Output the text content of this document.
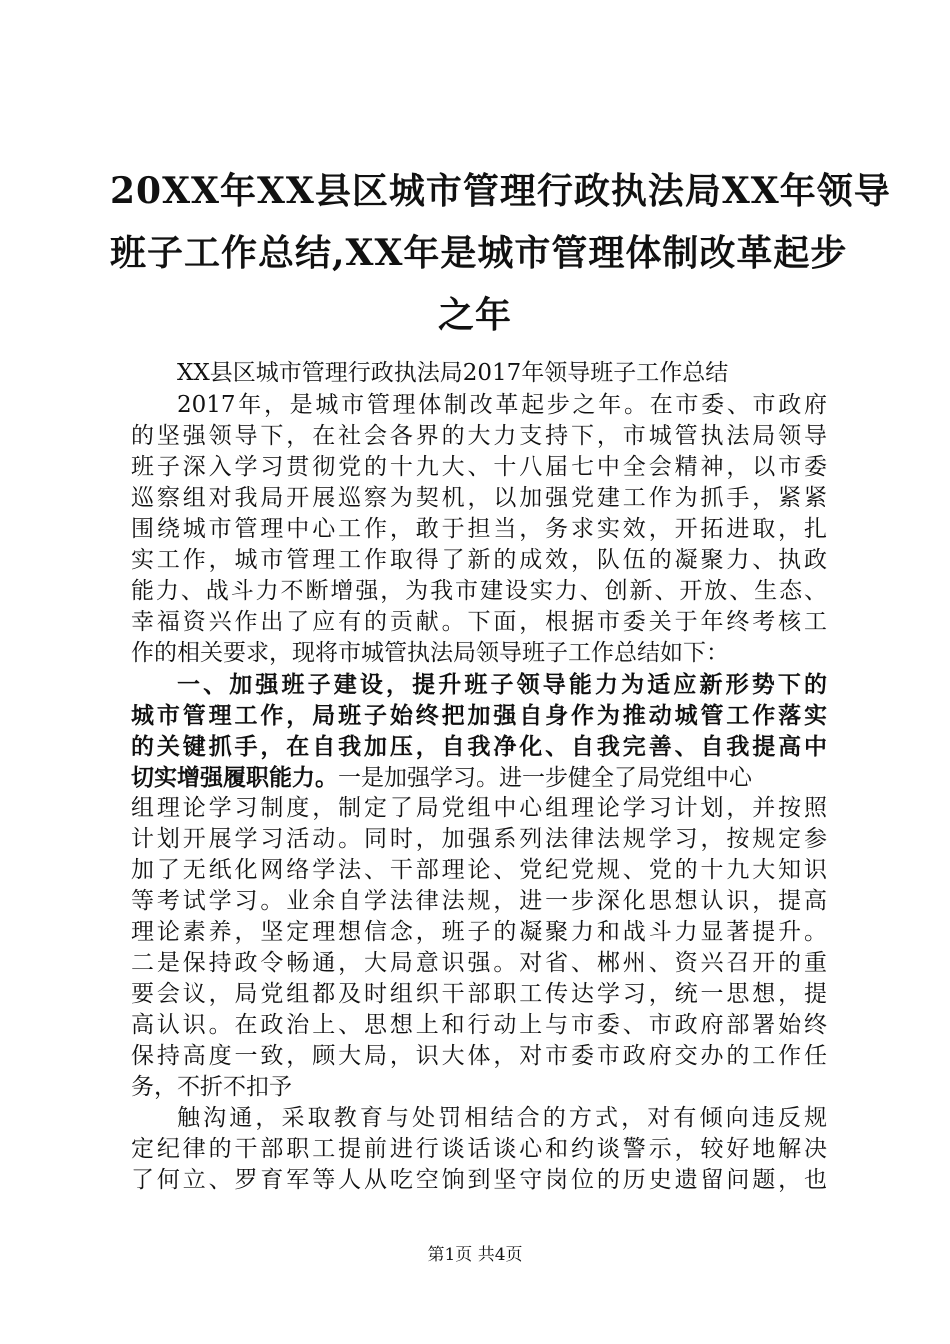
20XX年XX县区城市管理行政执法局XX年领导
班子工作总结,XX年是城市管理体制改革起步
之年
XX县区城市管理行政执法局2017年领导班子工作总结
2017年，是城市管理体制改革起步之年。在市委、市政府
的坚强领导下，在社会各界的大力支持下，市城管执法局领导
班子深入学习贯彻党的十九大、十八届七中全会精神，以市委
巡察组对我局开展巡察为契机，以加强党建工作为抓手，紧紧
围绕城市管理中心工作，敢于担当，务求实效，开拓进取，扎
实工作，城市管理工作取得了新的成效，队伍的凝聚力、执政
能力、战斗力不断增强，为我市建设实力、创新、开放、生态、
幸福资兴作出了应有的贡献。下面，根据市委关于年终考核工
作的相关要求，现将市城管执法局领导班子工作总结如下：
一、加强班子建设，提升班子领导能力为适应新形势下的
城市管理工作，局班子始终把加强自身作为推动城管工作落实
的关键抓手，在自我加压，自我净化、自我完善、自我提高中
切实增强履职能力。一是加强学习。进一步健全了局党组中心
组理论学习制度，制定了局党组中心组理论学习计划，并按照
计划开展学习活动。同时，加强系列法律法规学习，按规定参
加了无纸化网络学法、干部理论、党纪党规、党的十九大知识
等考试学习。业余自学法律法规，进一步深化思想认识，提高
理论素养，坚定理想信念，班子的凝聚力和战斗力显著提升。
二是保持政令畅通，大局意识强。对省、郴州、资兴召开的重
要会议，局党组都及时组织干部职工传达学习，统一思想，提
高认识。在政治上、思想上和行动上与市委、市政府部署始终
保持高度一致，顾大局，识大体，对市委市政府交办的工作任
务，不折不扣予
触沟通，采取教育与处罚相结合的方式，对有倾向违反规
定纪律的干部职工提前进行谈话谈心和约谈警示，较好地解决
了何立、罗育军等人从吃空饷到坚守岗位的历史遗留问题，也
第1页 共4页
